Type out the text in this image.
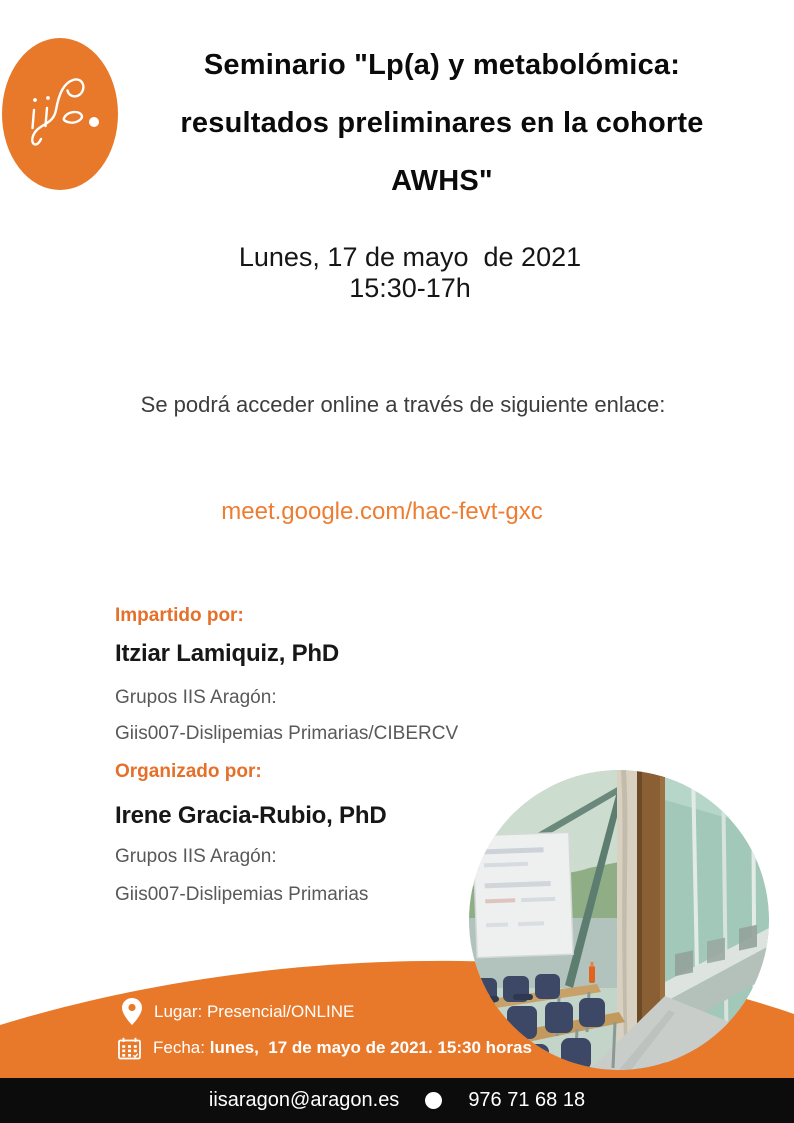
Seminario "Lp(a) y metabolómica:
resultados preliminares en la cohorte
AWHS"
Lunes, 17 de mayo  de 2021
15:30-17h
Se podrá acceder online a través de siguiente enlace:
meet.google.com/hac-fevt-gxc
Impartido por:
Itziar Lamiquiz, PhD
Grupos IIS Aragón:
Giis007-Dislipemias Primarias/CIBERCV
Organizado por:
Irene Gracia-Rubio, PhD
Grupos IIS Aragón:
Giis007-Dislipemias Primarias
Lugar: Presencial/ONLINE
Fecha: lunes,  17 de mayo de 2021. 15:30 horas
iisaragon@aragon.es	976 71 68 18
